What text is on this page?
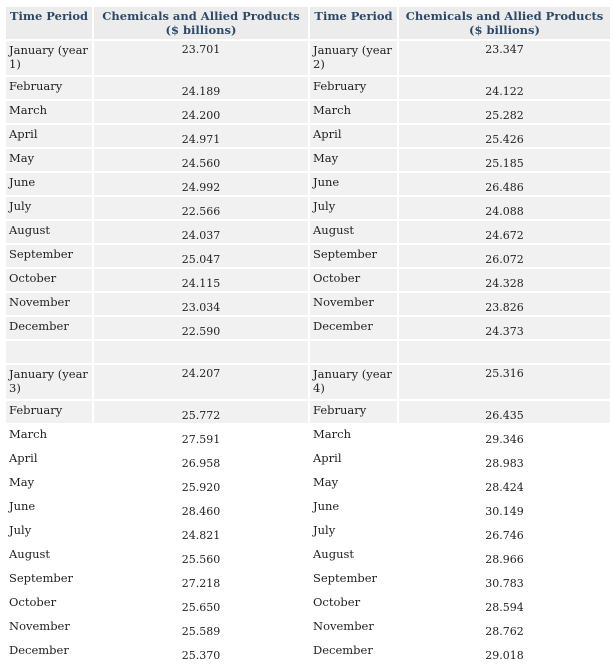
Time Period	Chemicals and Allied Products ($ billions)	Time Period	Chemicals and Allied Products ($ billions)
January (year 1)	23.701	January (year 2)	23.347
February	24.189	February	24.122
March	24.200	March	25.282
April	24.971	April	25.426
May	24.560	May	25.185
June	24.992	June	26.486
July	22.566	July	24.088
August	24.037	August	24.672
September	25.047	September	26.072
October	24.115	October	24.328
November	23.034	November	23.826
December	22.590	December	24.373

January (year 3)	24.207	January (year 4)	25.316
February	25.772	February	26.435
March	27.591	March	29.346
April	26.958	April	28.983
May	25.920	May	28.424
June	28.460	June	30.149
July	24.821	July	26.746
August	25.560	August	28.966
September	27.218	September	30.783
October	25.650	October	28.594
November	25.589	November	28.762
December	25.370	December	29.018
